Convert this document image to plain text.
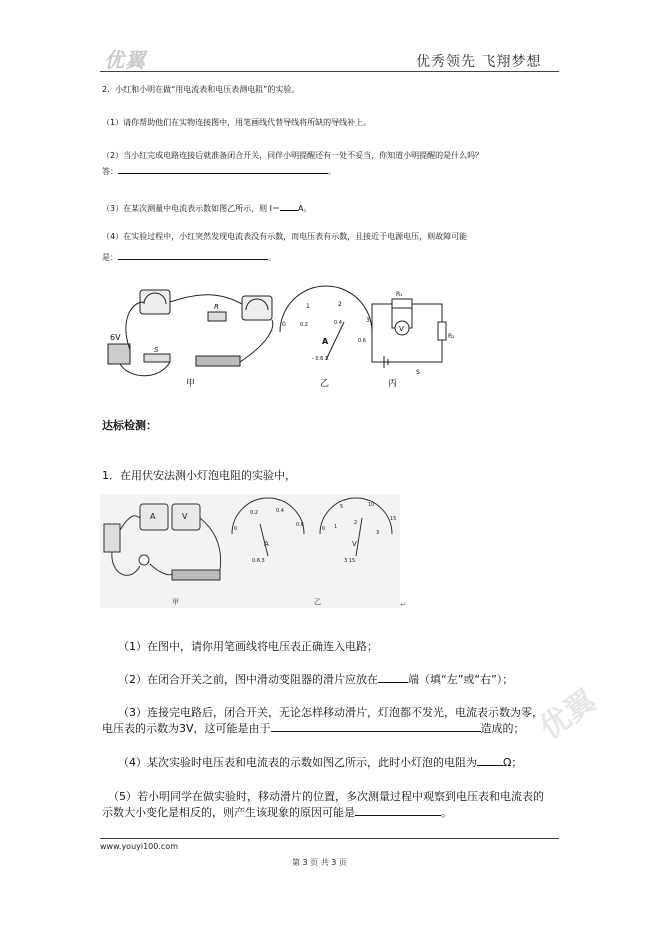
优翼	优秀领先 飞翔梦想
2．小红和小明在做“用电流表和电压表测电阻”的实验。
（1）请你帮助他们在实物连接图中，用笔画线代替导线将所缺的导线补上。
（2）当小红完成电路连接后就准备闭合开关，同伴小明提醒还有一处不妥当，你知道小明提醒的是什么吗？
答：	。
（3）在某次测量中电流表示数如图乙所示，则 I＝ A。
（4）在实验过程中，小红突然发现电流表没有示数，而电压表有示数，且接近于电源电压，则故障可能
是：	。
6V
R
S
甲
0
1	2
3
0.2	0.4
0.6
A
- 0.6 3
乙
R₁
V
R₂
S
丙
达标检测：
1．在用伏安法测小灯泡电阻的实验中，
A	V
甲
0
0.2	0.4
0.6
A
0.6 3
0
5	10
15
1
2
3
V
3 15
乙	↵
（1）在图中，请你用笔画线将电压表正确连入电路；
（2）在闭合开关之前，图中滑动变阻器的滑片应放在	端（填“左”或“右”）；
（3）连接完电路后，闭合开关，无论怎样移动滑片，灯泡都不发光，电流表示数为零，
电压表的示数为3V，这可能是由于	造成的；
（4）某次实验时电压表和电流表的示数如图乙所示，此时小灯泡的电阻为 Ω；
（5）若小明同学在做实验时，移动滑片的位置，多次测量过程中观察到电压表和电流表的
示数大小变化是相反的，则产生该现象的原因可能是	。
优翼
www.youyi100.com
第 3 页 共 3 页
